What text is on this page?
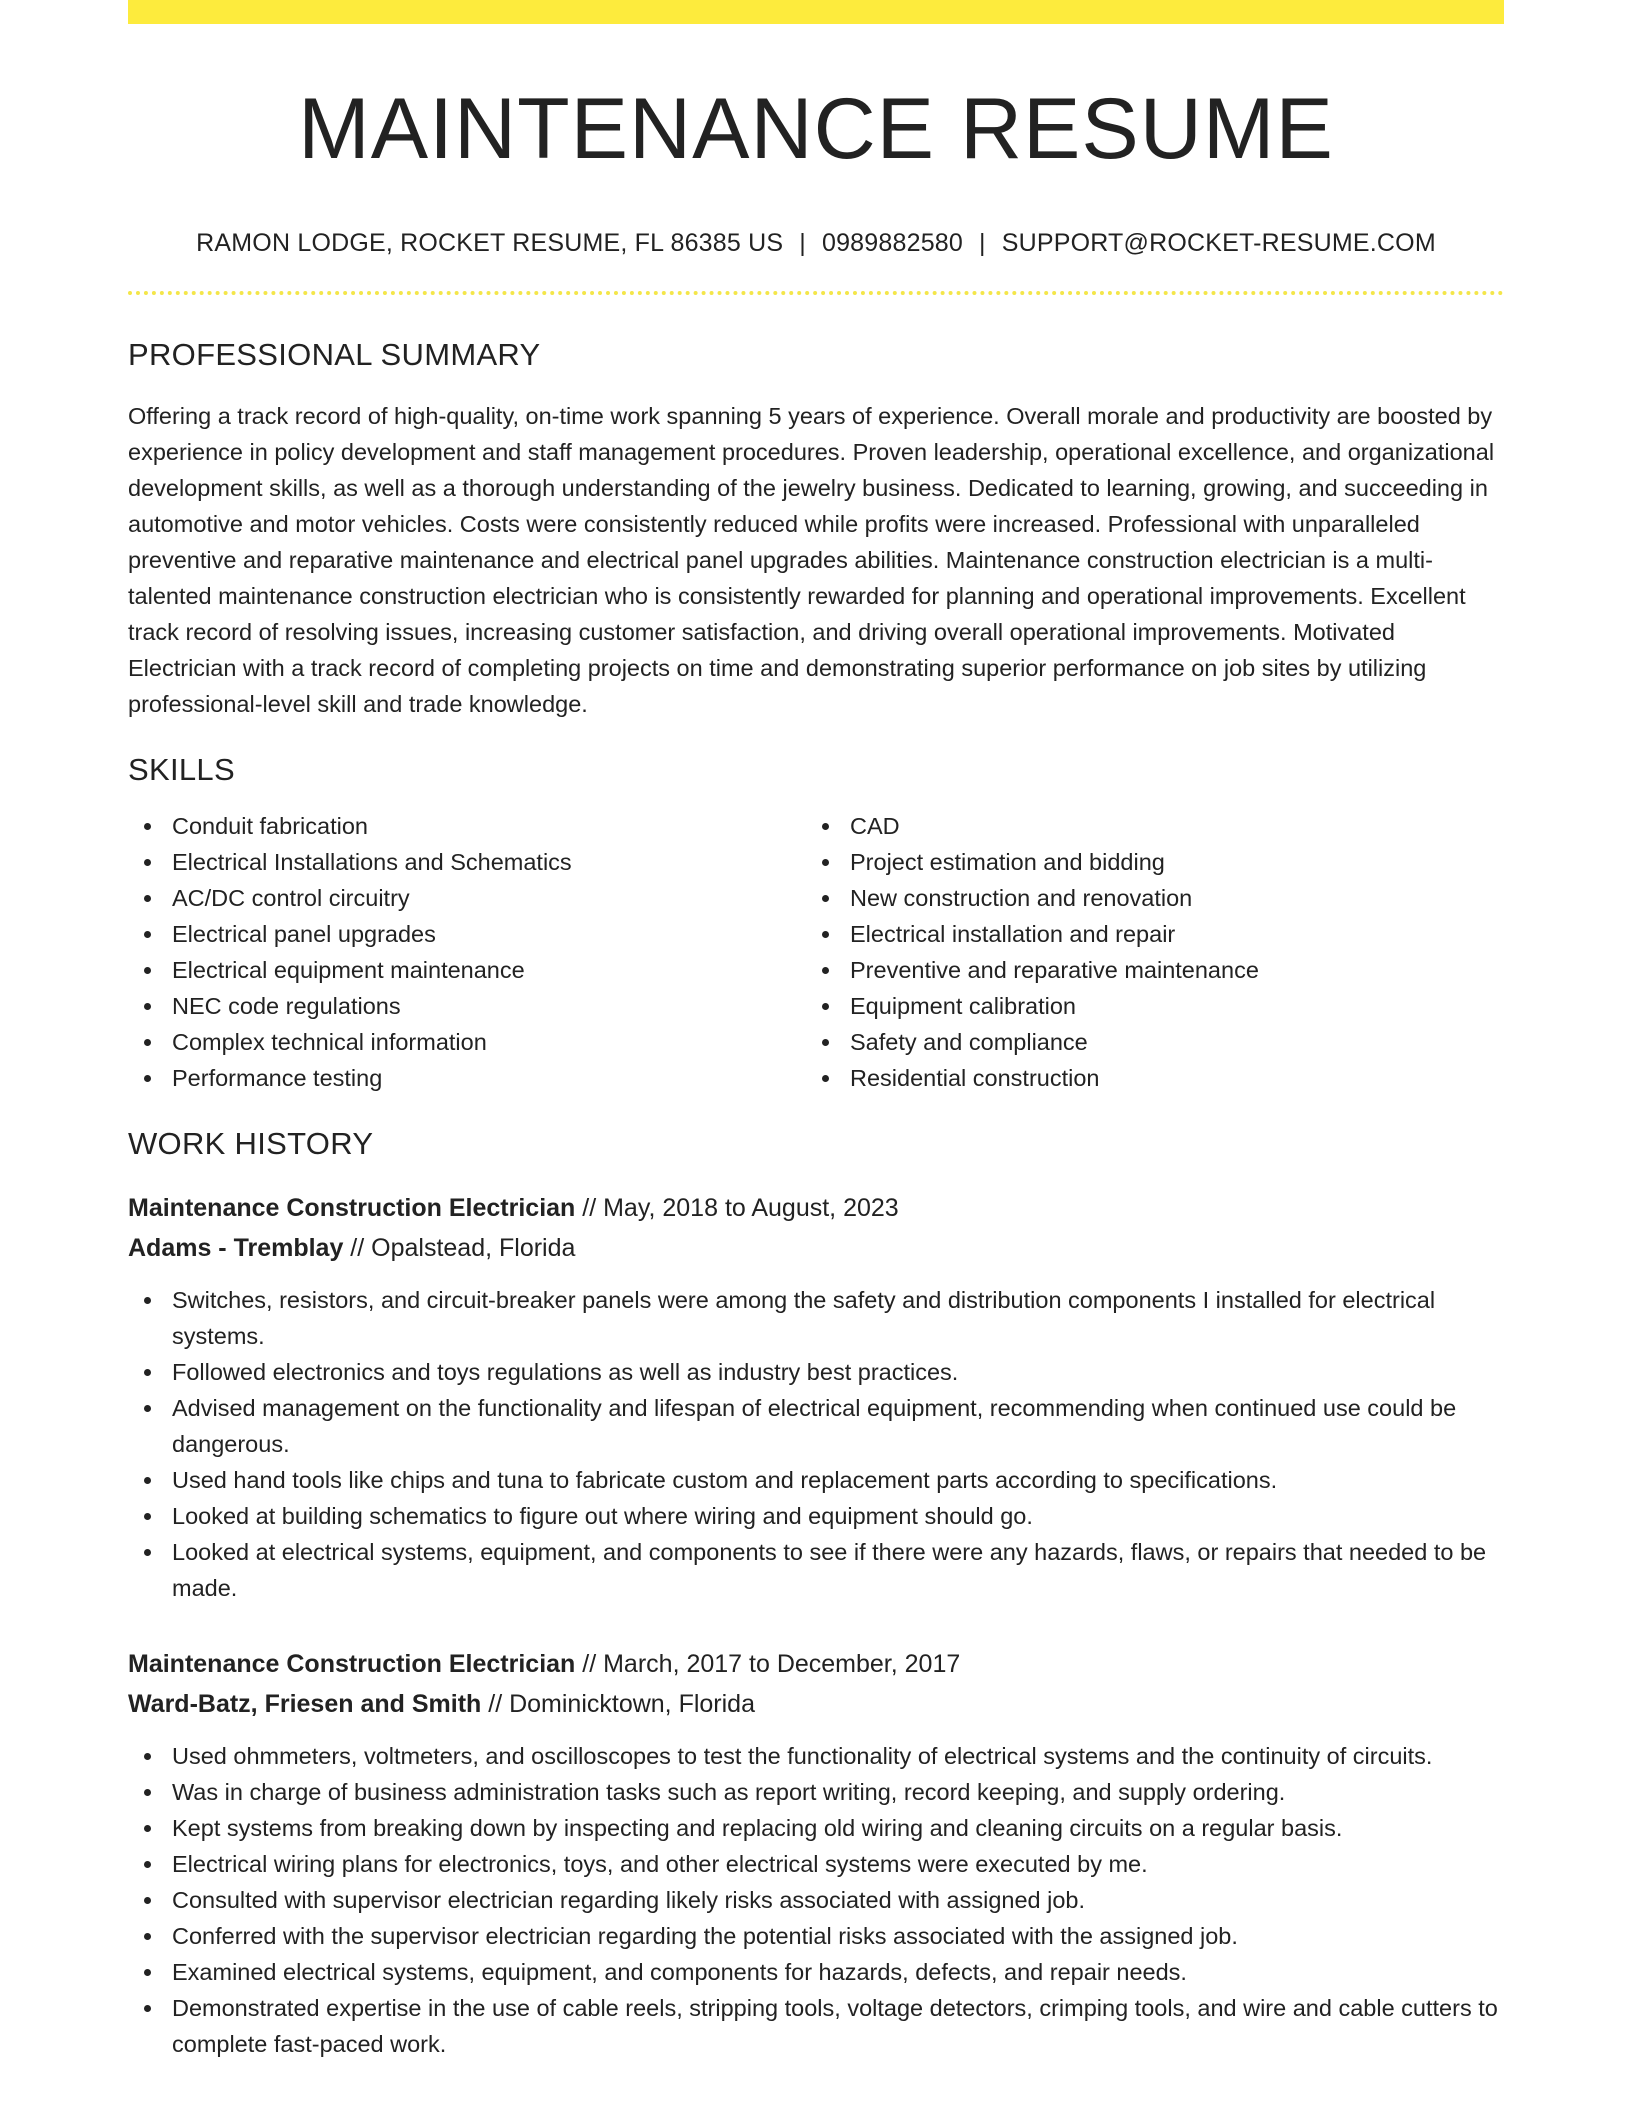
MAINTENANCE RESUME
RAMON LODGE, ROCKET RESUME, FL 86385 US | 0989882580 | SUPPORT@ROCKET-RESUME.COM
PROFESSIONAL SUMMARY
Offering a track record of high-quality, on-time work spanning 5 years of experience. Overall morale and productivity are boosted by experience in policy development and staff management procedures. Proven leadership, operational excellence, and organizational development skills, as well as a thorough understanding of the jewelry business. Dedicated to learning, growing, and succeeding in automotive and motor vehicles. Costs were consistently reduced while profits were increased. Professional with unparalleled preventive and reparative maintenance and electrical panel upgrades abilities. Maintenance construction electrician is a multi-talented maintenance construction electrician who is consistently rewarded for planning and operational improvements. Excellent track record of resolving issues, increasing customer satisfaction, and driving overall operational improvements. Motivated Electrician with a track record of completing projects on time and demonstrating superior performance on job sites by utilizing professional-level skill and trade knowledge.
SKILLS
Conduit fabrication
Electrical Installations and Schematics
AC/DC control circuitry
Electrical panel upgrades
Electrical equipment maintenance
NEC code regulations
Complex technical information
Performance testing
CAD
Project estimation and bidding
New construction and renovation
Electrical installation and repair
Preventive and reparative maintenance
Equipment calibration
Safety and compliance
Residential construction
WORK HISTORY
Maintenance Construction Electrician // May, 2018 to August, 2023
Adams - Tremblay // Opalstead, Florida
Switches, resistors, and circuit-breaker panels were among the safety and distribution components I installed for electrical systems.
Followed electronics and toys regulations as well as industry best practices.
Advised management on the functionality and lifespan of electrical equipment, recommending when continued use could be dangerous.
Used hand tools like chips and tuna to fabricate custom and replacement parts according to specifications.
Looked at building schematics to figure out where wiring and equipment should go.
Looked at electrical systems, equipment, and components to see if there were any hazards, flaws, or repairs that needed to be made.
Maintenance Construction Electrician // March, 2017 to December, 2017
Ward-Batz, Friesen and Smith // Dominicktown, Florida
Used ohmmeters, voltmeters, and oscilloscopes to test the functionality of electrical systems and the continuity of circuits.
Was in charge of business administration tasks such as report writing, record keeping, and supply ordering.
Kept systems from breaking down by inspecting and replacing old wiring and cleaning circuits on a regular basis.
Electrical wiring plans for electronics, toys, and other electrical systems were executed by me.
Consulted with supervisor electrician regarding likely risks associated with assigned job.
Conferred with the supervisor electrician regarding the potential risks associated with the assigned job.
Examined electrical systems, equipment, and components for hazards, defects, and repair needs.
Demonstrated expertise in the use of cable reels, stripping tools, voltage detectors, crimping tools, and wire and cable cutters to complete fast-paced work.
